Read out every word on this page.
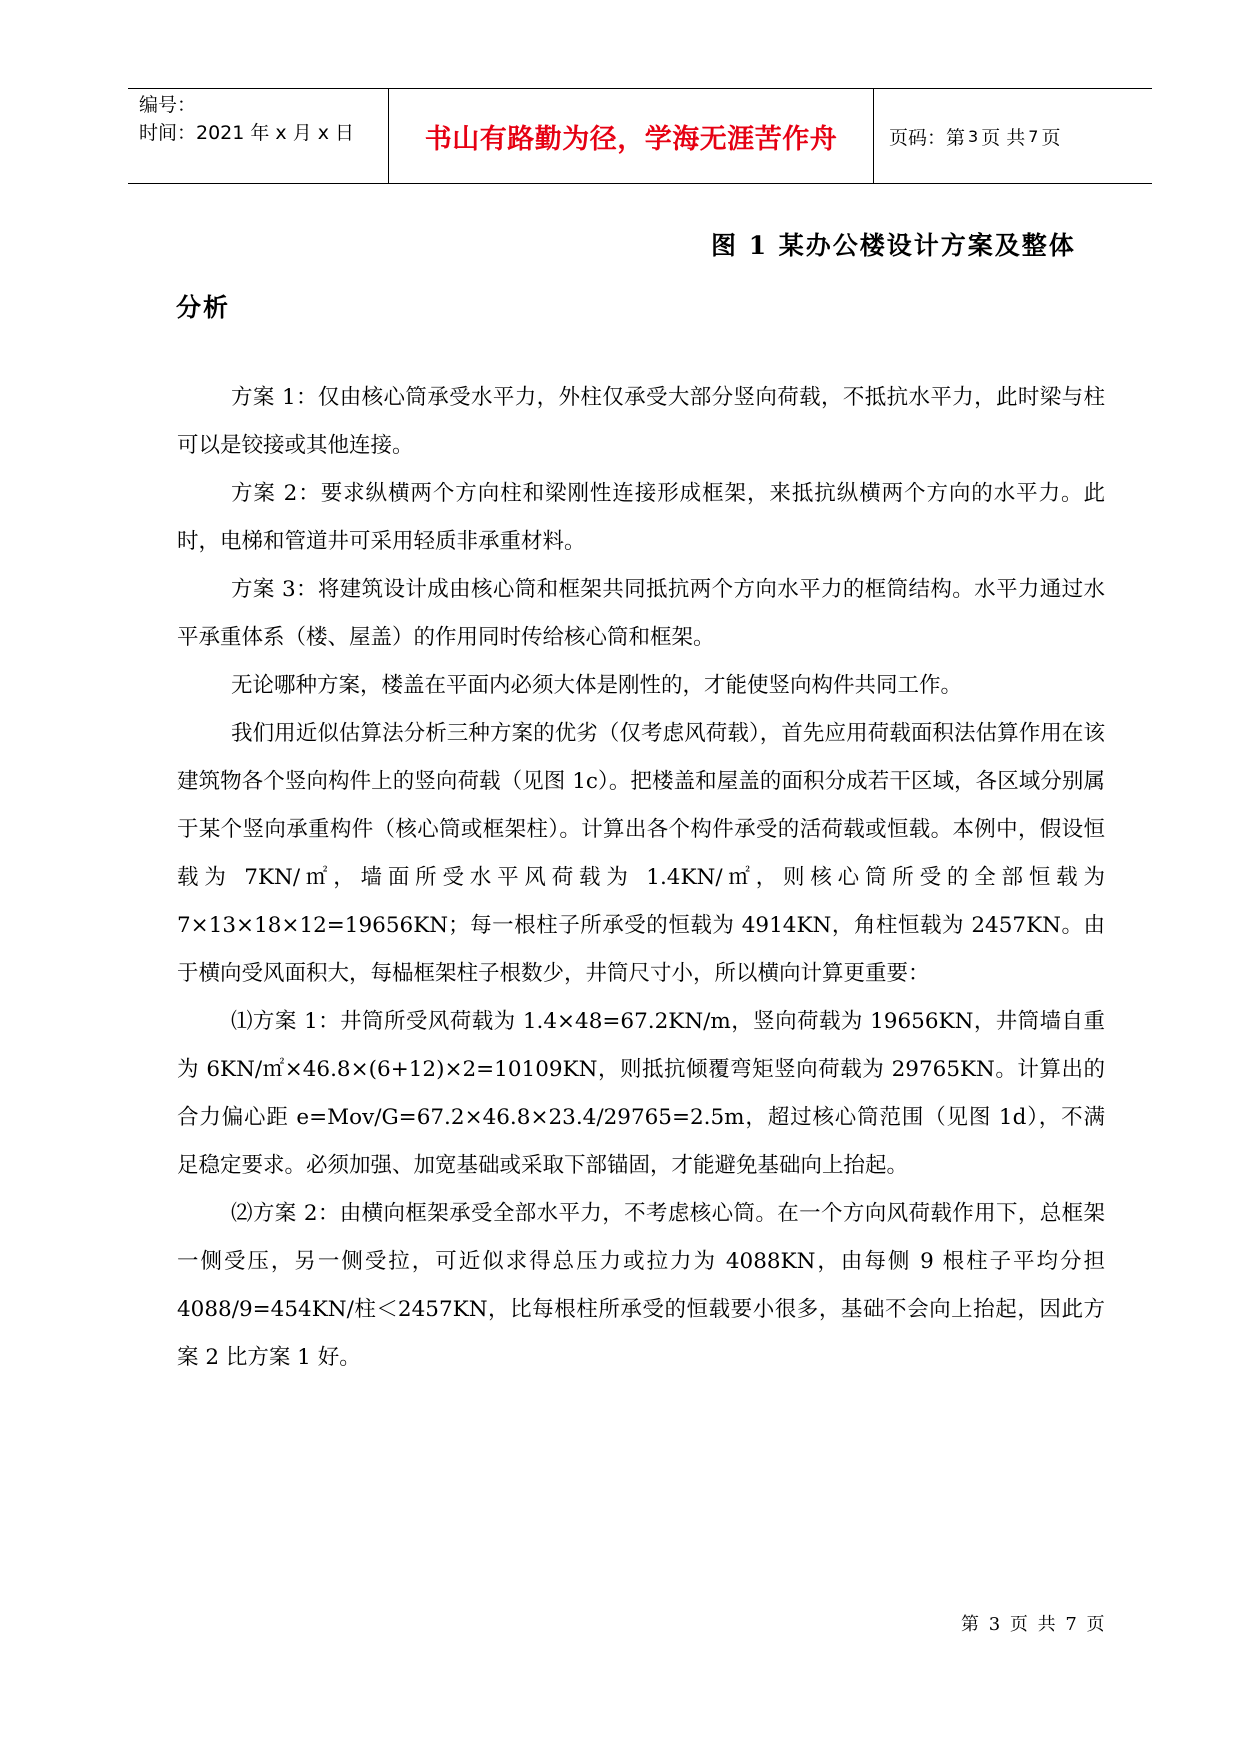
编号：
时间：2021 年 x 月 x 日	书山有路勤为径，学海无涯苦作舟	页码：第 3 页 共 7 页
图 1 某办公楼设计方案及整体
分析

方案 1：仅由核心筒承受水平力，外柱仅承受大部分竖向荷载，不抵抗水平力，此时梁与柱可以是铰接或其他连接。

方案 2：要求纵横两个方向柱和梁刚性连接形成框架，来抵抗纵横两个方向的水平力。此时，电梯和管道井可采用轻质非承重材料。

方案 3：将建筑设计成由核心筒和框架共同抵抗两个方向水平力的框筒结构。水平力通过水平承重体系（楼、屋盖）的作用同时传给核心筒和框架。

无论哪种方案，楼盖在平面内必须大体是刚性的，才能使竖向构件共同工作。

我们用近似估算法分析三种方案的优劣（仅考虑风荷载），首先应用荷载面积法估算作用在该建筑物各个竖向构件上的竖向荷载（见图 1c）。把楼盖和屋盖的面积分成若干区域，各区域分别属于某个竖向承重构件（核心筒或框架柱）。计算出各个构件承受的活荷载或恒载。本例中，假设恒载为 7KN/㎡，墙面所受水平风荷载为 1.4KN/㎡，则核心筒所受的全部恒载为 7×13×18×12=19656KN；每一根柱子所承受的恒载为 4914KN，角柱恒载为 2457KN。由于横向受风面积大，每榀框架柱子根数少，井筒尺寸小，所以横向计算更重要：

⑴方案 1：井筒所受风荷载为 1.4×48=67.2KN/m，竖向荷载为 19656KN，井筒墙自重为 6KN/㎡×46.8×(6+12)×2=10109KN，则抵抗倾覆弯矩竖向荷载为 29765KN。计算出的合力偏心距 e=Mov/G=67.2×46.8×23.4/29765=2.5m，超过核心筒范围（见图 1d），不满足稳定要求。必须加强、加宽基础或采取下部锚固，才能避免基础向上抬起。

⑵方案 2：由横向框架承受全部水平力，不考虑核心筒。在一个方向风荷载作用下，总框架一侧受压，另一侧受拉，可近似求得总压力或拉力为 4088KN，由每侧 9 根柱子平均分担 4088/9=454KN/柱＜2457KN，比每根柱所承受的恒载要小很多，基础不会向上抬起，因此方案 2 比方案 1 好。

第 3 页 共 7 页
